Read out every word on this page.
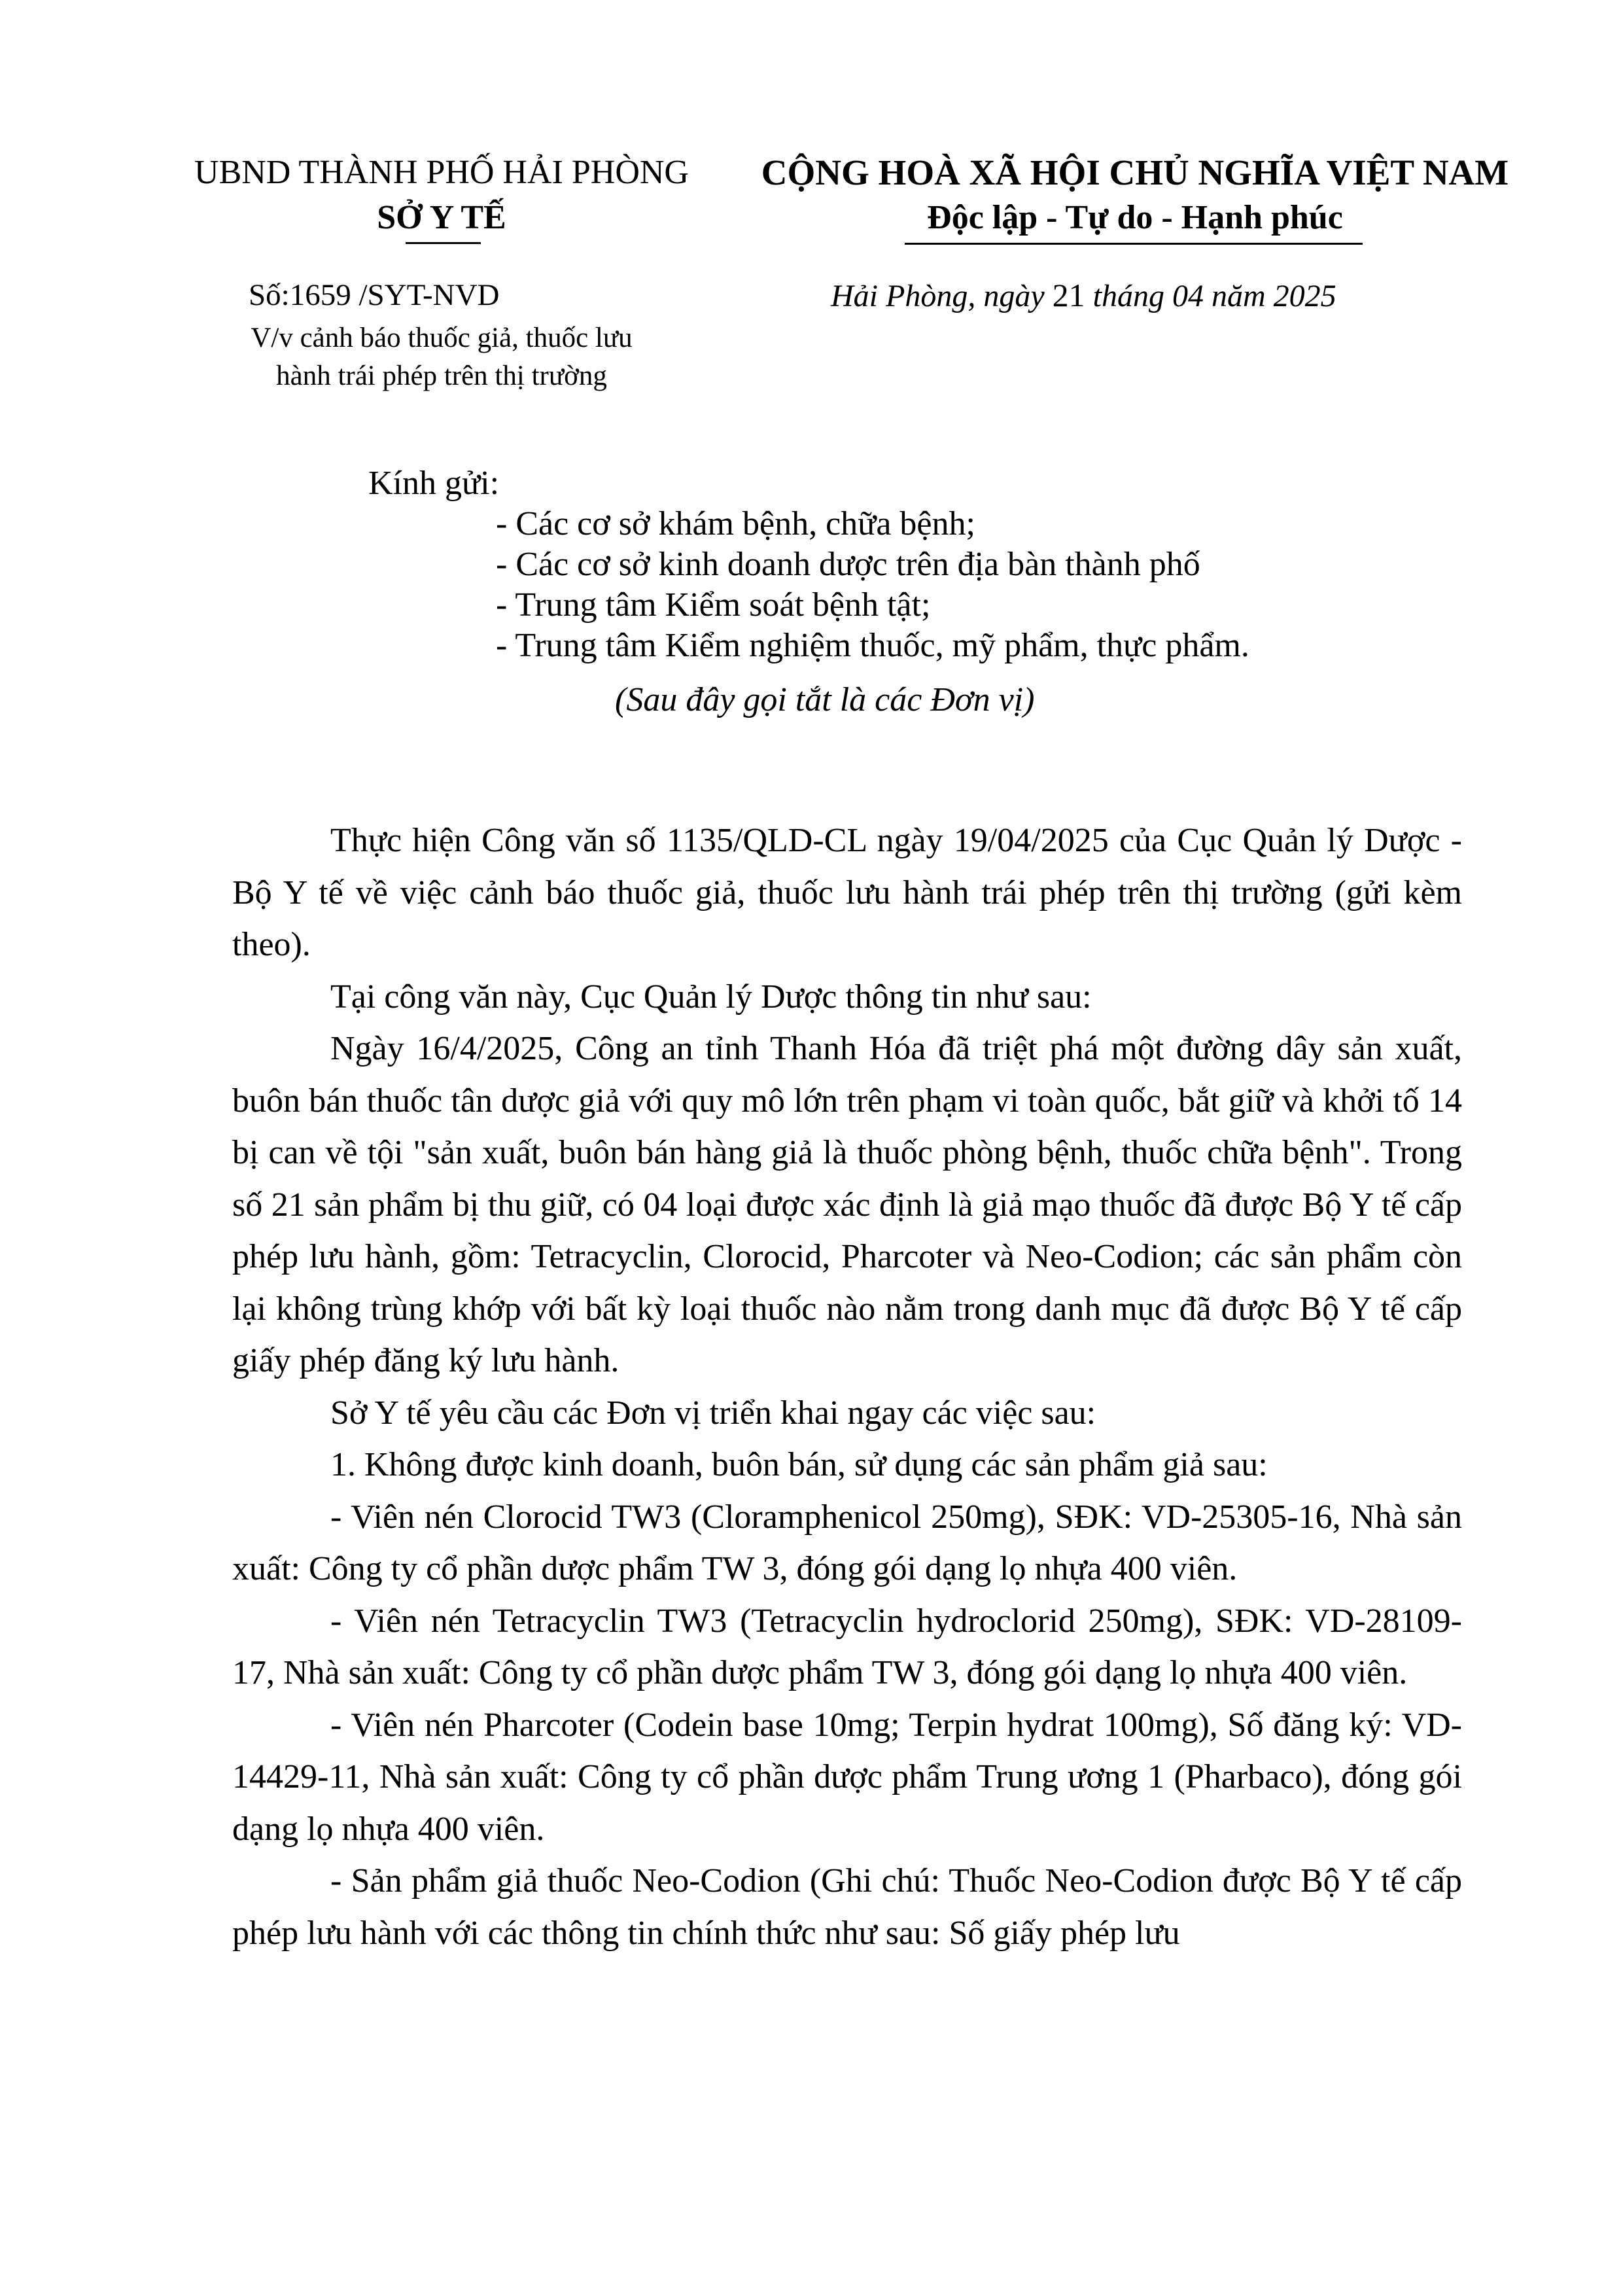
UBND THÀNH PHỐ HẢI PHÒNG
SỞ Y TẾ
CỘNG HOÀ XÃ HỘI CHỦ NGHĨA VIỆT NAM
Độc lập - Tự do - Hạnh phúc
Số:1659 /SYT-NVD
V/v cảnh báo thuốc giả, thuốc lưu
hành trái phép trên thị trường
Hải Phòng, ngày 21 tháng 04 năm 2025
Kính gửi:
- Các cơ sở khám bệnh, chữa bệnh;
- Các cơ sở kinh doanh dược trên địa bàn thành phố
- Trung tâm Kiểm soát bệnh tật;
- Trung tâm Kiểm nghiệm thuốc, mỹ phẩm, thực phẩm.
(Sau đây gọi tắt là các Đơn vị)

Thực hiện Công văn số 1135/QLD-CL ngày 19/04/2025 của Cục Quản lý Dược - Bộ Y tế về việc cảnh báo thuốc giả, thuốc lưu hành trái phép trên thị trường (gửi kèm theo).

Tại công văn này, Cục Quản lý Dược thông tin như sau:

Ngày 16/4/2025, Công an tỉnh Thanh Hóa đã triệt phá một đường dây sản xuất, buôn bán thuốc tân dược giả với quy mô lớn trên phạm vi toàn quốc, bắt giữ và khởi tố 14 bị can về tội "sản xuất, buôn bán hàng giả là thuốc phòng bệnh, thuốc chữa bệnh". Trong số 21 sản phẩm bị thu giữ, có 04 loại được xác định là giả mạo thuốc đã được Bộ Y tế cấp phép lưu hành, gồm: Tetracyclin, Clorocid, Pharcoter và Neo-Codion; các sản phẩm còn lại không trùng khớp với bất kỳ loại thuốc nào nằm trong danh mục đã được Bộ Y tế cấp giấy phép đăng ký lưu hành.

Sở Y tế yêu cầu các Đơn vị triển khai ngay các việc sau:

1. Không được kinh doanh, buôn bán, sử dụng các sản phẩm giả sau:

- Viên nén Clorocid TW3 (Cloramphenicol 250mg), SĐK: VD-25305-16, Nhà sản xuất: Công ty cổ phần dược phẩm TW 3, đóng gói dạng lọ nhựa 400 viên.

- Viên nén Tetracyclin TW3 (Tetracyclin hydroclorid 250mg), SĐK: VD-28109- 17, Nhà sản xuất: Công ty cổ phần dược phẩm TW 3, đóng gói dạng lọ nhựa 400 viên.

- Viên nén Pharcoter (Codein base 10mg; Terpin hydrat 100mg), Số đăng ký: VD-14429-11, Nhà sản xuất: Công ty cổ phần dược phẩm Trung ương 1 (Pharbaco), đóng gói dạng lọ nhựa 400 viên.

- Sản phẩm giả thuốc Neo-Codion (Ghi chú: Thuốc Neo-Codion được Bộ Y tế cấp phép lưu hành với các thông tin chính thức như sau: Số giấy phép lưu
